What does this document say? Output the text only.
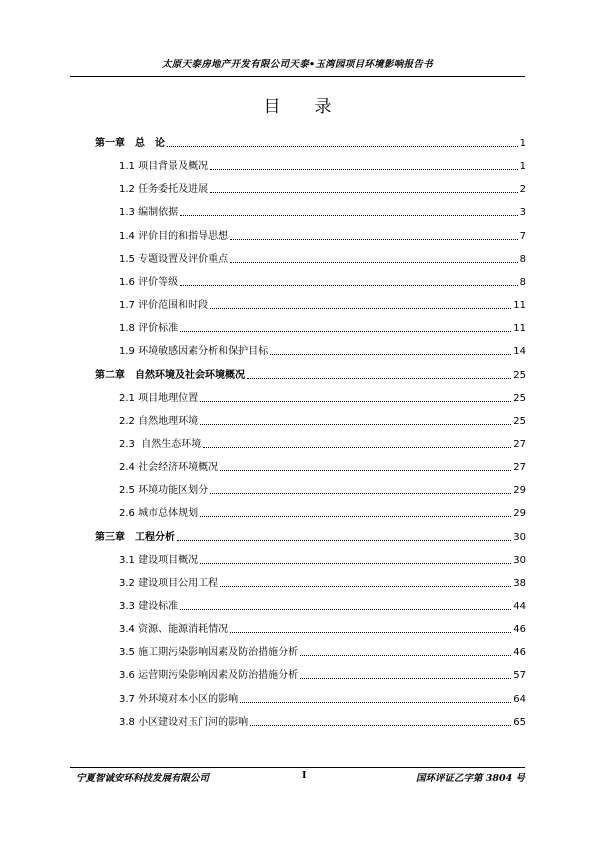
太原天泰房地产开发有限公司天泰•玉湾园项目环境影响报告书
目 录
第一章　总　论	1
1.1 项目背景及概况	1
1.2 任务委托及进展	2
1.3 编制依据	3
1.4 评价目的和指导思想	7
1.5 专题设置及评价重点	8
1.6 评价等级	8
1.7 评价范围和时段	11
1.8 评价标准	11
1.9 环境敏感因素分析和保护目标	14
第二章　自然环境及社会环境概况	25
2.1 项目地理位置	25
2.2 自然地理环境	25
2.3  自然生态环境	27
2.4 社会经济环境概况	27
2.5 环境功能区划分	29
2.6 城市总体规划	29
第三章　工程分析	30
3.1 建设项目概况	30
3.2 建设项目公用工程	38
3.3 建设标准	44
3.4 资源、能源消耗情况	46
3.5 施工期污染影响因素及防治措施分析	46
3.6 运营期污染影响因素及防治措施分析	57
3.7 外环境对本小区的影响	64
3.8 小区建设对玉门河的影响	65
宁夏智诚安环科技发展有限公司	I	国环评证乙字第 3804 号
